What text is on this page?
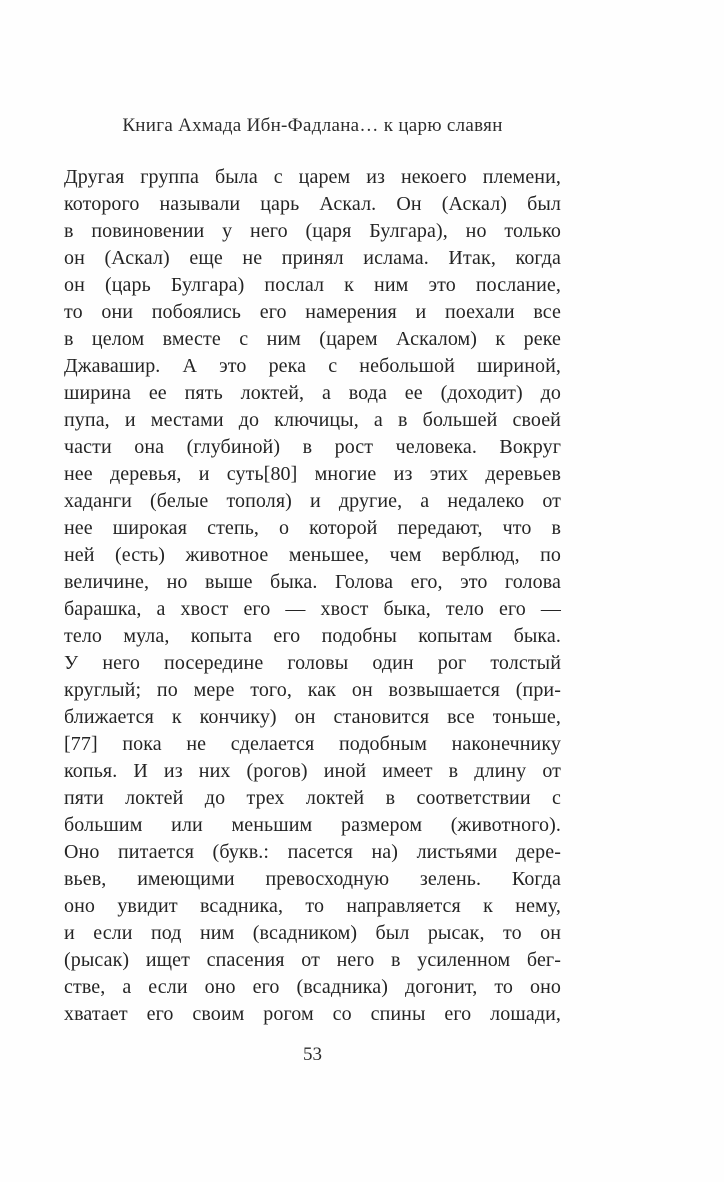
Книга Ахмада Ибн-Фадлана… к царю славян
Другая группа была с царем из некоего племени,
которого называли царь Аскал. Он (Аскал) был
в повиновении у него (царя Булгара), но только
он (Аскал) еще не принял ислама. Итак, когда
он (царь Булгара) послал к ним это послание,
то они побоялись его намерения и поехали все
в целом вместе с ним (царем Аскалом) к реке
Джавашир. А это река с небольшой шириной,
ширина ее пять локтей, а вода ее (доходит) до
пупа, и местами до ключицы, а в большей своей
части она (глубиной) в рост человека. Вокруг
нее деревья, и суть[80] многие из этих деревьев
хаданги (белые тополя) и другие, а недалеко от
нее широкая степь, о которой передают, что в
ней (есть) животное меньшее, чем верблюд, по
величине, но выше быка. Голова его, это голова
барашка, а хвост его — хвост быка, тело его —
тело мула, копыта его подобны копытам быка.
У него посередине головы один рог толстый
круглый; по мере того, как он возвышается (при-
ближается к кончику) он становится все тоньше,
[77] пока не сделается подобным наконечнику
копья. И из них (рогов) иной имеет в длину от
пяти локтей до трех локтей в соответствии с
большим или меньшим размером (животного).
Оно питается (букв.: пасется на) листьями дере-
вьев, имеющими превосходную зелень. Когда
оно увидит всадника, то направляется к нему,
и если под ним (всадником) был рысак, то он
(рысак) ищет спасения от него в усиленном бег-
стве, а если оно его (всадника) догонит, то оно
хватает его своим рогом со спины его лошади,
53
